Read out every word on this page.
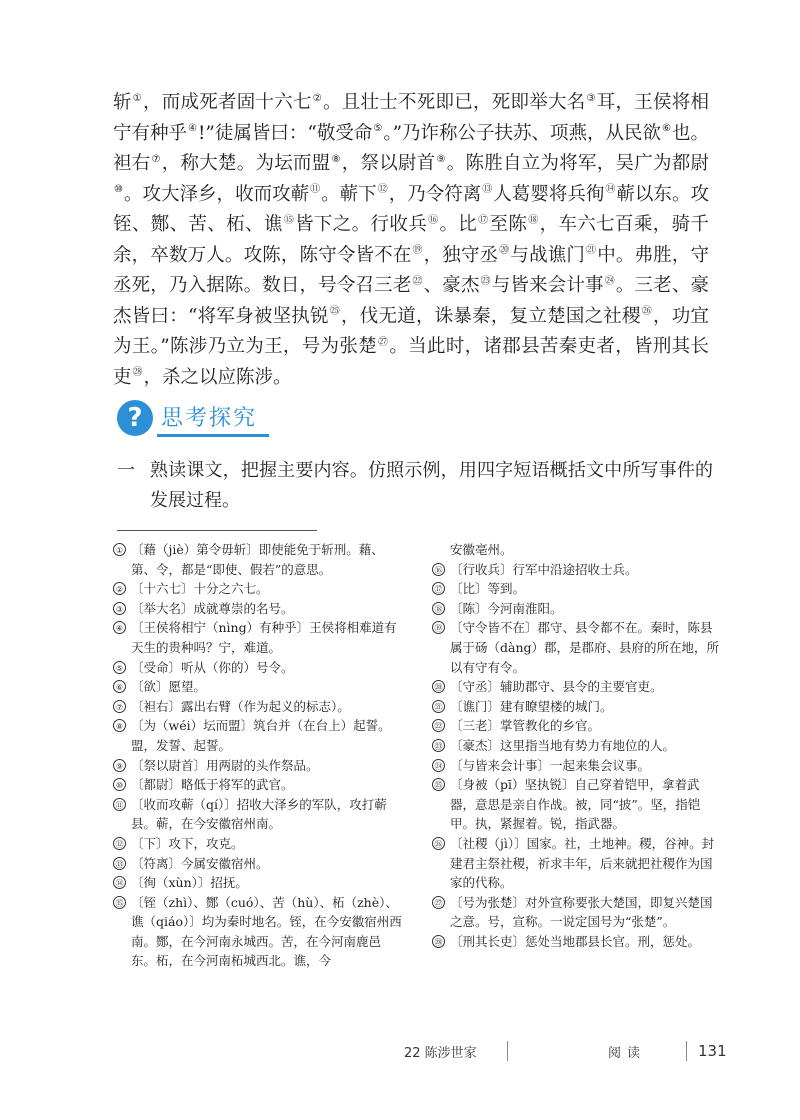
斩①，而成死者固十六七②。且壮士不死即已，死即举大名③耳，王侯将相宁有种乎④!”徒属皆曰：“敬受命⑤。”乃诈称公子扶苏、项燕，从民欲⑥也。袒右⑦，称大楚。为坛而盟⑧，祭以尉首⑨。陈胜自立为将军，吴广为都尉⑩。攻大泽乡，收而攻蕲⑪。蕲下⑫，乃令符离⑬人葛婴将兵徇⑭蕲以东。攻铚、酂、苦、柘、谯⑮皆下之。行收兵⑯。比⑰至陈⑱，车六七百乘，骑千余，卒数万人。攻陈，陈守令皆不在⑲，独守丞⑳与战谯门$^㉑$中。弗胜，守丞死，乃入据陈。数日，号令召三老$^㉒$、豪杰$^㉓$与皆来会计事$^㉔$。三老、豪杰皆曰：“将军身被坚执锐$^㉕$，伐无道，诛暴秦，复立楚国之社稷$^㉖$，功宜为王。”陈涉乃立为王，号为张楚$^㉗$。当此时，诸郡县苦秦吏者，皆刑其长吏$^㉘$，杀之以应陈涉。

? 思考探究
一 熟读课文，把握主要内容。仿照示例，用四字短语概括文中所写事件的发展过程。

① 〔藉（jiè）第令毋斩〕即使能免于斩刑。藉、第、令，都是“即使、假若”的意思。

② 〔十六七〕十分之六七。

③ 〔举大名〕成就尊崇的名号。

④ 〔王侯将相宁（nìng）有种乎〕王侯将相难道有天生的贵种吗？宁，难道。

⑤ 〔受命〕听从（你的）号令。

⑥ 〔欲〕愿望。

⑦ 〔袒右〕露出右臂（作为起义的标志）。

⑧ 〔为（wéi）坛而盟〕筑台并（在台上）起誓。盟，发誓、起誓。

⑨ 〔祭以尉首〕用两尉的头作祭品。

⑩ 〔都尉〕略低于将军的武官。

⑪ 〔收而攻蕲（qí）〕招收大泽乡的军队，攻打蕲县。蕲，在今安徽宿州南。

⑫ 〔下〕攻下，攻克。

⑬ 〔符离〕今属安徽宿州。

⑭ 〔徇（xùn）〕招抚。

⑮ 〔铚（zhì）、酂（cuó）、苦（hù）、柘（zhè）、谯（qiáo）〕均为秦时地名。铚，在今安徽宿州西南。酂，在今河南永城西。苦，在今河南鹿邑东。柘，在今河南柘城西北。谯，今

安徽亳州。

⑯ 〔行收兵〕行军中沿途招收士兵。

⑰ 〔比〕等到。

⑱ 〔陈〕今河南淮阳。

⑲ 〔守令皆不在〕郡守、县令都不在。秦时，陈县属于砀（dàng）郡，是郡府、县府的所在地，所以有守有令。

⑳ 〔守丞〕辅助郡守、县令的主要官吏。

㉑ 〔谯门〕建有瞭望楼的城门。

㉒ 〔三老〕掌管教化的乡官。

㉓ 〔豪杰〕这里指当地有势力有地位的人。

㉔ 〔与皆来会计事〕一起来集会议事。

㉕ 〔身被（pī）坚执锐〕自己穿着铠甲，拿着武器，意思是亲自作战。被，同“披”。坚，指铠甲。执，紧握着。锐，指武器。

㉖ 〔社稷（jì）〕国家。社，土地神。稷，谷神。封建君主祭社稷，祈求丰年，后来就把社稷作为国家的代称。

㉗ 〔号为张楚〕对外宣称要张大楚国，即复兴楚国之意。号，宣称。一说定国号为“张楚”。

㉘ 〔刑其长吏〕惩处当地郡县长官。刑，惩处。

22 陈涉世家	阅读	131
